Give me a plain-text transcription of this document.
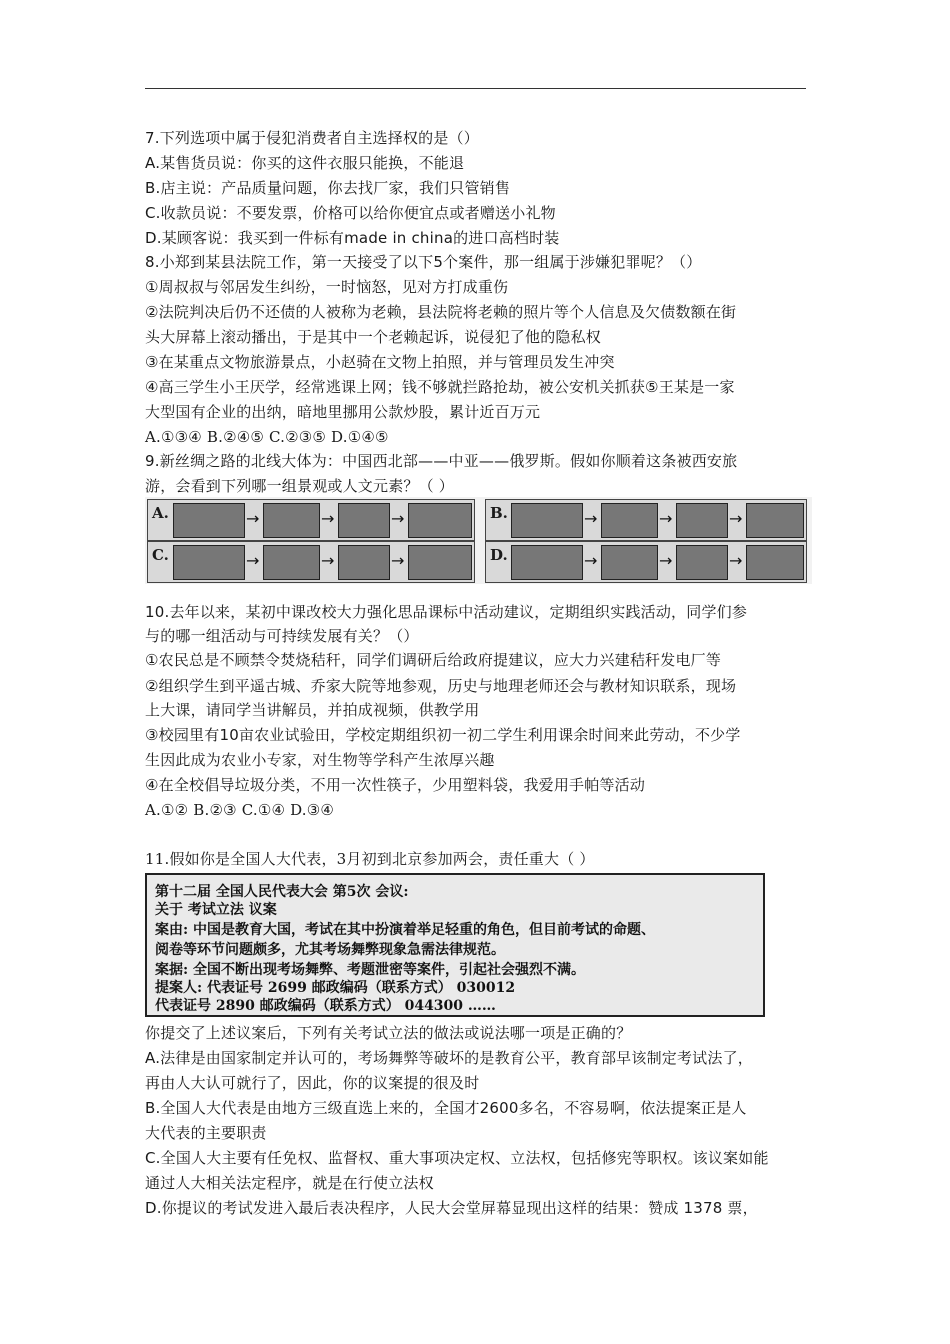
7.下列选项中属于侵犯消费者自主选择权的是（）
A.某售货员说：你买的这件衣服只能换，不能退
B.店主说：产品质量问题，你去找厂家，我们只管销售
C.收款员说：不要发票，价格可以给你便宜点或者赠送小礼物
D.某顾客说：我买到一件标有made in china的进口高档时装
8.小郑到某县法院工作，第一天接受了以下5个案件，那一组属于涉嫌犯罪呢？（）
①周叔叔与邻居发生纠纷，一时恼怒，见对方打成重伤
②法院判决后仍不还债的人被称为老赖，县法院将老赖的照片等个人信息及欠债数额在街
头大屏幕上滚动播出，于是其中一个老赖起诉，说侵犯了他的隐私权
③在某重点文物旅游景点，小赵骑在文物上拍照，并与管理员发生冲突
④高三学生小王厌学，经常逃课上网；钱不够就拦路抢劫，被公安机关抓获⑤王某是一家
大型国有企业的出纳，暗地里挪用公款炒股，累计近百万元
A.①③④ B.②④⑤ C.②③⑤ D.①④⑤
9.新丝绸之路的北线大体为：中国西北部——中亚——俄罗斯。假如你顺着这条被西安旅
游，会看到下列哪一组景观或人文元素？（ ）
A.	→	→	→	B.	→	→	→
C.	→	→	→	D.	→	→	→
10.去年以来，某初中课改校大力强化思品课标中活动建议，定期组织实践活动，同学们参
与的哪一组活动与可持续发展有关？（）
①农民总是不顾禁令焚烧秸秆，同学们调研后给政府提建议，应大力兴建秸秆发电厂等
②组织学生到平遥古城、乔家大院等地参观，历史与地理老师还会与教材知识联系，现场
上大课，请同学当讲解员，并拍成视频，供教学用
③校园里有10亩农业试验田，学校定期组织初一初二学生利用课余时间来此劳动，不少学
生因此成为农业小专家，对生物等学科产生浓厚兴趣
④在全校倡导垃圾分类，不用一次性筷子，少用塑料袋，我爱用手帕等活动
A.①② B.②③ C.①④ D.③④
11.假如你是全国人大代表，3月初到北京参加两会，责任重大（ ）
第十二届 全国人民代表大会 第5次 会议:
关于 考试立法 议案
案由: 中国是教育大国，考试在其中扮演着举足轻重的角色，但目前考试的命题、
阅卷等环节问题颇多，尤其考场舞弊现象急需法律规范。
案据: 全国不断出现考场舞弊、考题泄密等案件，引起社会强烈不满。
提案人: 代表证号 2699 邮政编码（联系方式） 030012
代表证号 2890 邮政编码（联系方式） 044300 ……
你提交了上述议案后，下列有关考试立法的做法或说法哪一项是正确的？
A.法律是由国家制定并认可的，考场舞弊等破坏的是教育公平，教育部早该制定考试法了，
再由人大认可就行了，因此，你的议案提的很及时
B.全国人大代表是由地方三级直选上来的，全国才2600多名，不容易啊，依法提案正是人
大代表的主要职责
C.全国人大主要有任免权、监督权、重大事项决定权、立法权，包括修宪等职权。该议案如能
通过人大相关法定程序，就是在行使立法权
D.你提议的考试发进入最后表决程序，人民大会堂屏幕显现出这样的结果：赞成 1378 票，
